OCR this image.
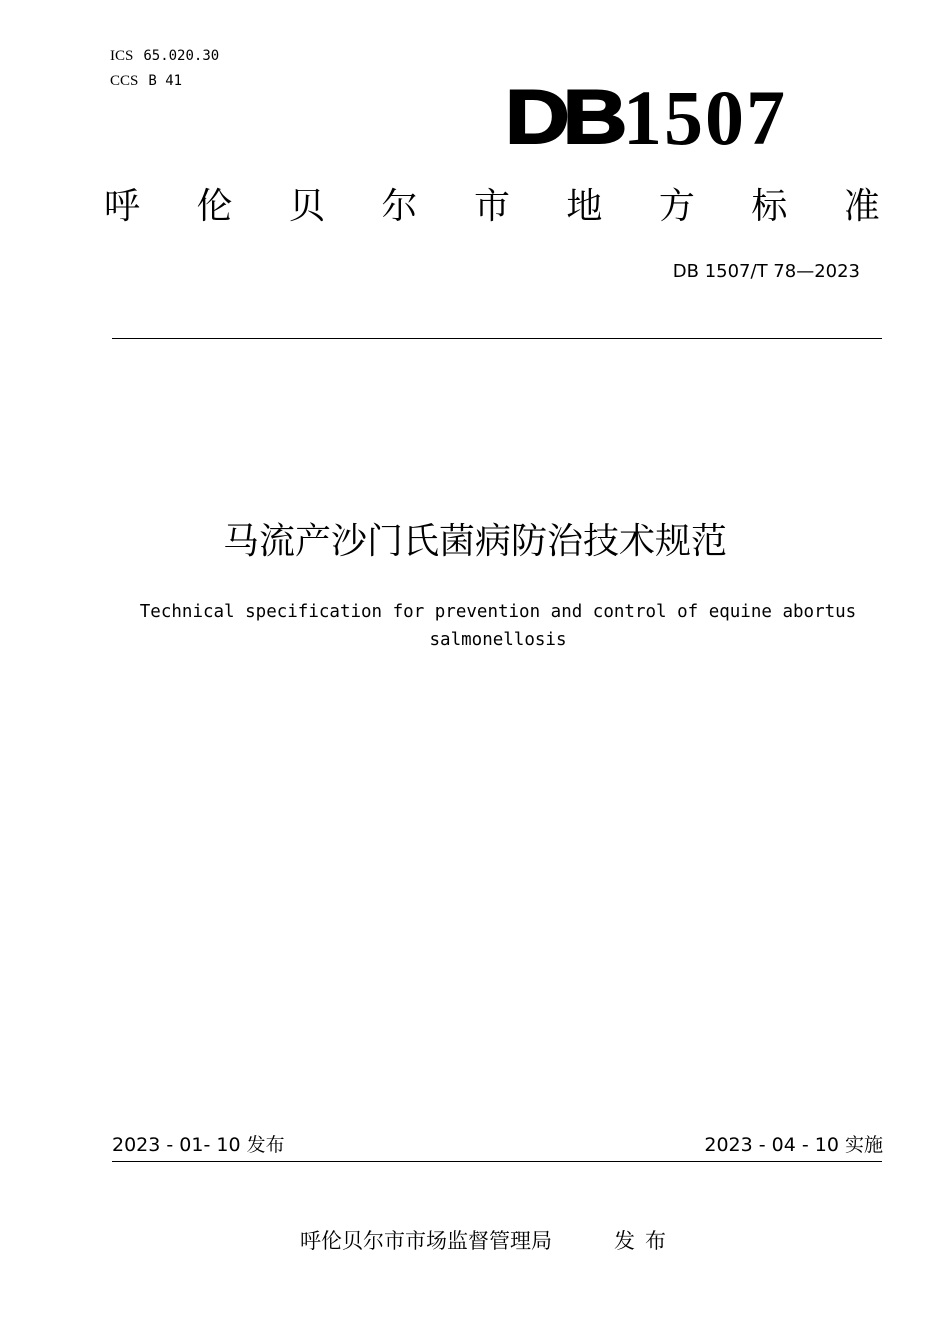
ICS 65.020.30
CCS B 41	DB 1507
呼 伦 贝 尔 市 地 方 标 准
DB 1507/T 78—2023
马流产沙门氏菌病防治技术规范
Technical specification for prevention and control of equine abortus
salmonellosis
2023 - 01- 10 发布	2023 - 04 - 10 实施
呼伦贝尔市市场监督管理局	发布
